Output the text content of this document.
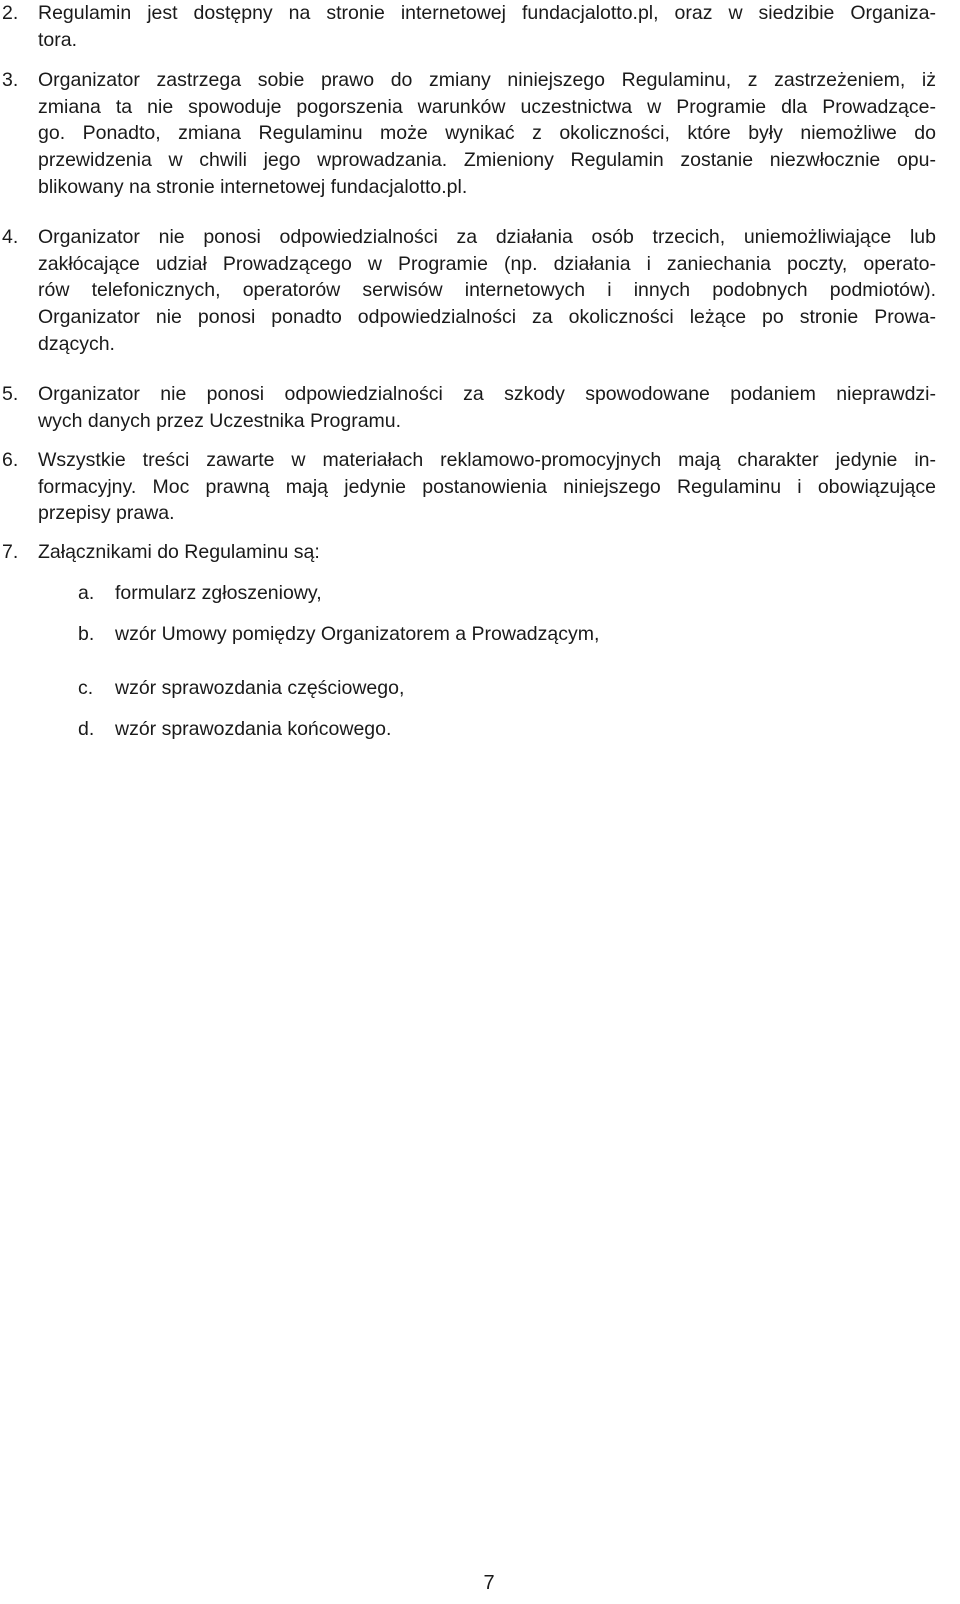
2. Regulamin jest dostępny na stronie internetowej fundacjalotto.pl, oraz w siedzibie Organiza-
tora.
3. Organizator zastrzega sobie prawo do zmiany niniejszego Regulaminu, z zastrzeżeniem, iż
zmiana ta nie spowoduje pogorszenia warunków uczestnictwa w Programie dla Prowadzące-
go. Ponadto, zmiana Regulaminu może wynikać z okoliczności, które były niemożliwe do
przewidzenia w chwili jego wprowadzania. Zmieniony Regulamin zostanie niezwłocznie opu-
blikowany na stronie internetowej fundacjalotto.pl.
4. Organizator nie ponosi odpowiedzialności za działania osób trzecich, uniemożliwiające lub
zakłócające udział Prowadzącego w Programie (np. działania i zaniechania poczty, operato-
rów telefonicznych, operatorów serwisów internetowych i innych podobnych podmiotów).
Organizator nie ponosi ponadto odpowiedzialności za okoliczności leżące po stronie Prowa-
dzących.
5. Organizator nie ponosi odpowiedzialności za szkody spowodowane podaniem nieprawdzi-
wych danych przez Uczestnika Programu.
6. Wszystkie treści zawarte w materiałach reklamowo-promocyjnych mają charakter jedynie in-
formacyjny. Moc prawną mają jedynie postanowienia niniejszego Regulaminu i obowiązujące
przepisy prawa.
7. Załącznikami do Regulaminu są:
a. formularz zgłoszeniowy,
b. wzór Umowy pomiędzy Organizatorem a Prowadzącym,
c. wzór sprawozdania częściowego,
d. wzór sprawozdania końcowego.
7
